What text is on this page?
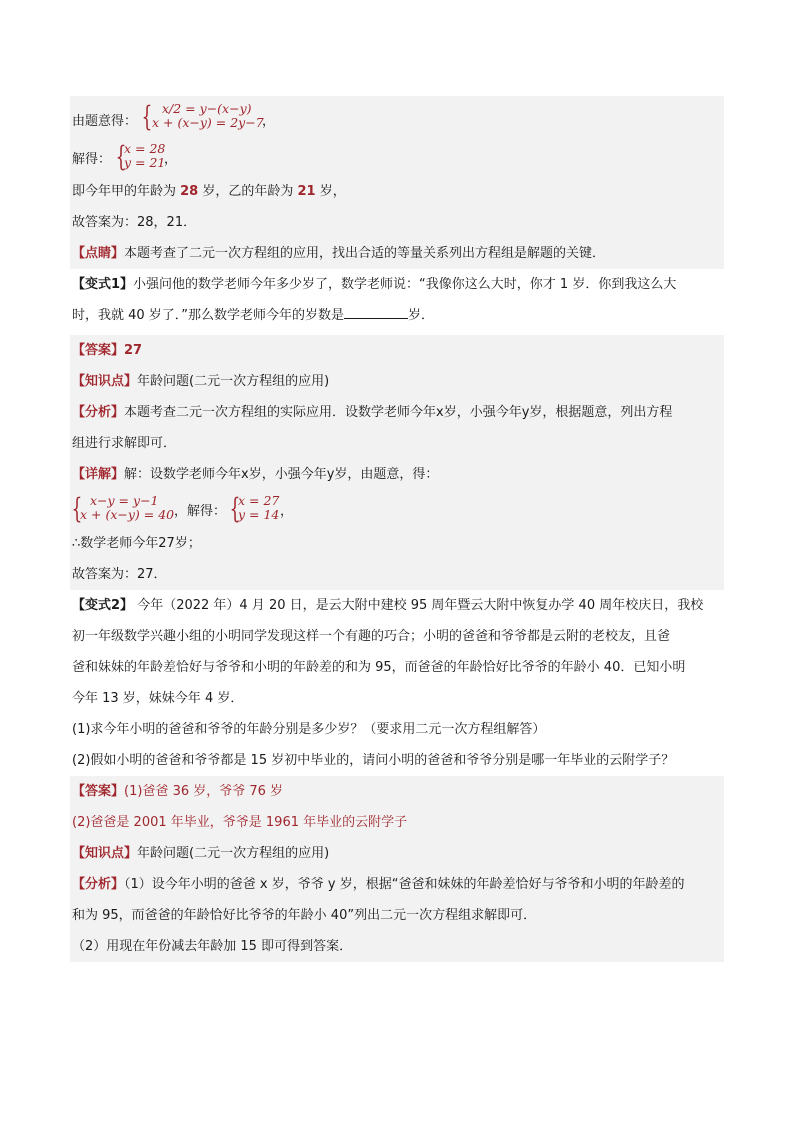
由题意得： { x/2 = y−(x−y)
x + (x−y) = 2y−7
，
解得： {
x = 28
y = 21
，
即今年甲的年龄为 28 岁，乙的年龄为 21 岁，
故答案为：28，21．
【点睛】本题考查了二元一次方程组的应用，找出合适的等量关系列出方程组是解题的关键．
【变式1】小强问他的数学老师今年多少岁了，数学老师说：“我像你这么大时，你才 1 岁．你到我这么大
时，我就 40 岁了．”那么数学老师今年的岁数是	岁．
【答案】27
【知识点】年龄问题(二元一次方程组的应用)
【分析】本题考查二元一次方程组的实际应用．设数学老师今年x岁，小强今年y岁，根据题意，列出方程
组进行求解即可．
【详解】解：设数学老师今年x岁，小强今年y岁，由题意，得：
{ x−y = y−1
x + (x−y) = 40 ，解得： {
x = 27
y = 14 ，
∴数学老师今年27岁；
故答案为：27．
【变式2】 今年（2022 年）4 月 20 日，是云大附中建校 95 周年暨云大附中恢复办学 40 周年校庆日，我校
初一年级数学兴趣小组的小明同学发现这样一个有趣的巧合；小明的爸爸和爷爷都是云附的老校友，且爸
爸和妹妹的年龄差恰好与爷爷和小明的年龄差的和为 95，而爸爸的年龄恰好比爷爷的年龄小 40．已知小明
今年 13 岁，妹妹今年 4 岁．
(1)求今年小明的爸爸和爷爷的年龄分别是多少岁？（要求用二元一次方程组解答）
(2)假如小明的爸爸和爷爷都是 15 岁初中毕业的，请问小明的爸爸和爷爷分别是哪一年毕业的云附学子？
【答案】(1)爸爸 36 岁，爷爷 76 岁
(2)爸爸是 2001 年毕业，爷爷是 1961 年毕业的云附学子
【知识点】年龄问题(二元一次方程组的应用)
【分析】（1）设今年小明的爸爸 x 岁，爷爷 y 岁，根据“爸爸和妹妹的年龄差恰好与爷爷和小明的年龄差的
和为 95，而爸爸的年龄恰好比爷爷的年龄小 40”列出二元一次方程组求解即可．
（2）用现在年份减去年龄加 15 即可得到答案．
